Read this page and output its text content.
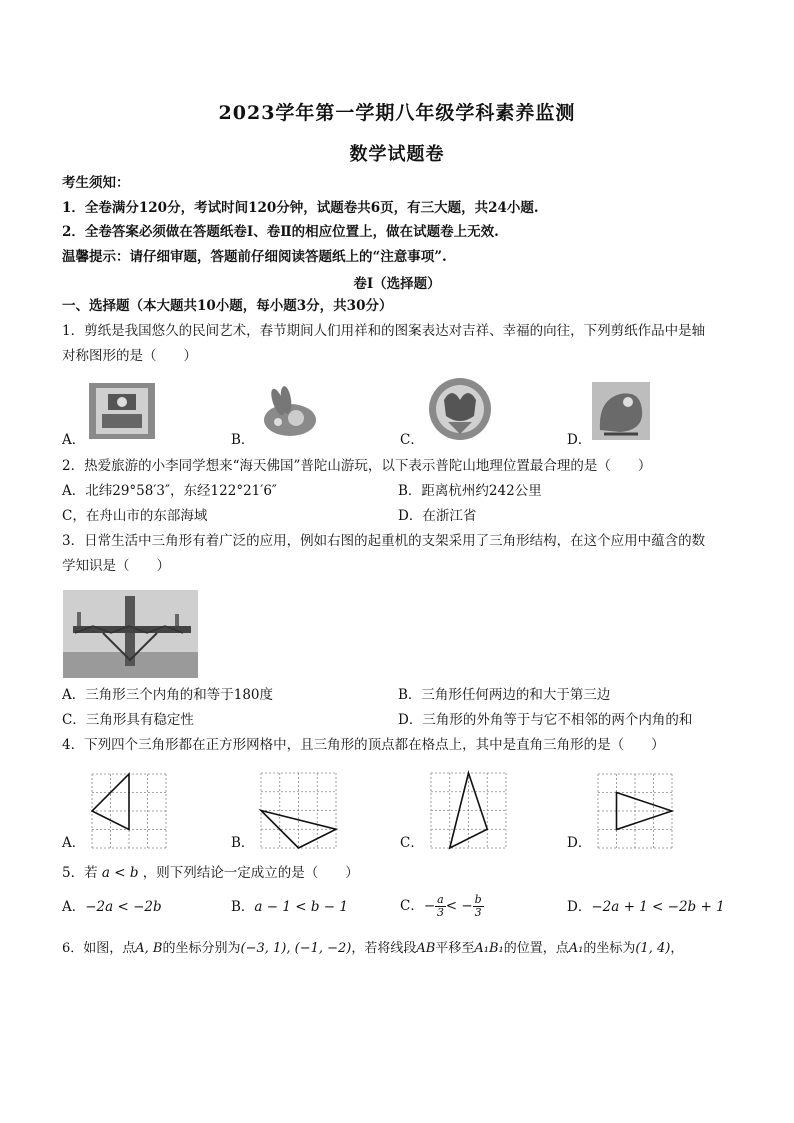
2023学年第一学期八年级学科素养监测
数学试题卷
考生须知：
1．全卷满分120分，考试时间120分钟，试题卷共6页，有三大题，共24小题.
2．全卷答案必须做在答题纸卷Ⅰ、卷Ⅱ的相应位置上，做在试题卷上无效.
温馨提示：请仔细审题，答题前仔细阅读答题纸上的“注意事项”.
卷Ⅰ（选择题）
一、选择题（本大题共10小题，每小题3分，共30分）
1．剪纸是我国悠久的民间艺术，春节期间人们用祥和的图案表达对吉祥、幸福的向往，下列剪纸作品中是轴
对称图形的是（　　）
A．	B．	C．	D．
2．热爱旅游的小李同学想来“海天佛国”普陀山游玩，以下表示普陀山地理位置最合理的是（　　）
A．北纬29°58′3″，东经122°21′6″	B．距离杭州约242公里
C，在舟山市的东部海域	D．在浙江省
3．日常生活中三角形有着广泛的应用，例如右图的起重机的支架采用了三角形结构，在这个应用中蕴含的数
学知识是（　　）
A．三角形三个内角的和等于180度	B．三角形任何两边的和大于第三边
C．三角形具有稳定性	D．三角形的外角等于与它不相邻的两个内角的和
4．下列四个三角形都在正方形网格中，且三角形的顶点都在格点上，其中是直角三角形的是（　　）
A．	B．	C．	D．
5．若 a < b ，则下列结论一定成立的是（　　）
A．−2a < −2b	B．a − 1 < b − 1	C．− $\frac{a}{3}$ < − $\frac{b}{3}$	D．−2a + 1 < −2b + 1
6．如图，点A, B的坐标分别为(−3, 1), (−1, −2)，若将线段AB平移至A₁B₁的位置，点A₁的坐标为(1, 4)，
